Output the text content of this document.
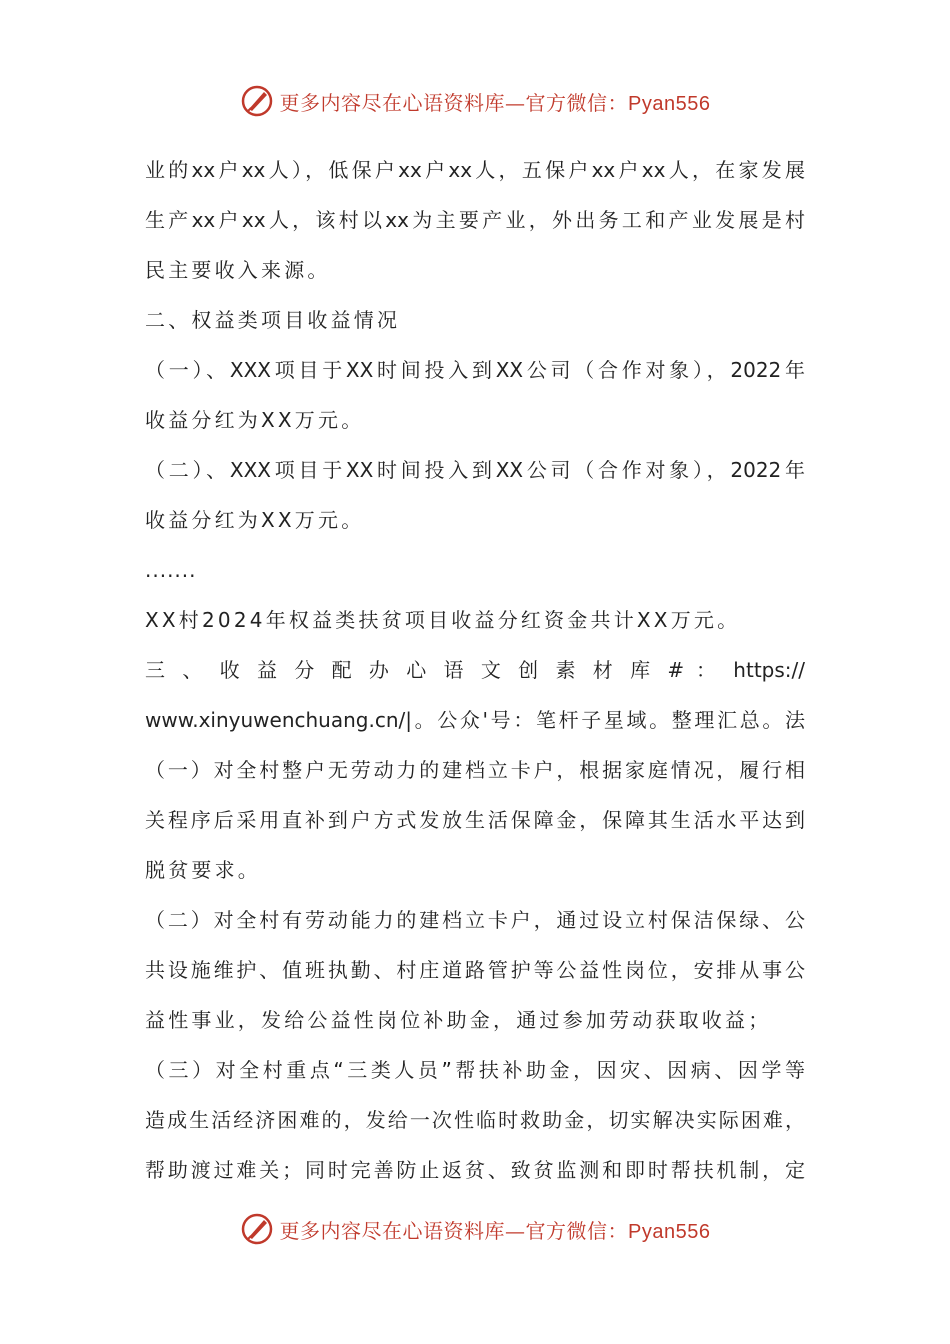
更多内容尽在心语资料库—官方微信：Pyan556
业的xx户xx人），低保户xx户xx人，五保户xx户xx人，在家发展
生产xx户xx人，该村以xx为主要产业，外出务工和产业发展是村
民主要收入来源。
二、权益类项目收益情况
（一）、XXX项目于XX时间投入到XX公司（合作对象），2022年
收益分红为XX万元。
（二）、XXX项目于XX时间投入到XX公司（合作对象），2022年
收益分红为XX万元。
.......
XX村2024年权益类扶贫项目收益分红资金共计XX万元。
三 、 收 益 分 配 办 心 语 文 创 素 材 库 # ： https://
www.xinyuwenchuang.cn/|。公众'号：笔杆子星域。整理汇总。法
（一）对全村整户无劳动力的建档立卡户，根据家庭情况，履行相
关程序后采用直补到户方式发放生活保障金，保障其生活水平达到
脱贫要求。
（二）对全村有劳动能力的建档立卡户，通过设立村保洁保绿、公
共设施维护、值班执勤、村庄道路管护等公益性岗位，安排从事公
益性事业，发给公益性岗位补助金，通过参加劳动获取收益；
（三）对全村重点“三类人员”帮扶补助金，因灾、因病、因学等
造成生活经济困难的，发给一次性临时救助金，切实解决实际困难，
帮助渡过难关；同时完善防止返贫、致贫监测和即时帮扶机制，定
更多内容尽在心语资料库—官方微信：Pyan556
